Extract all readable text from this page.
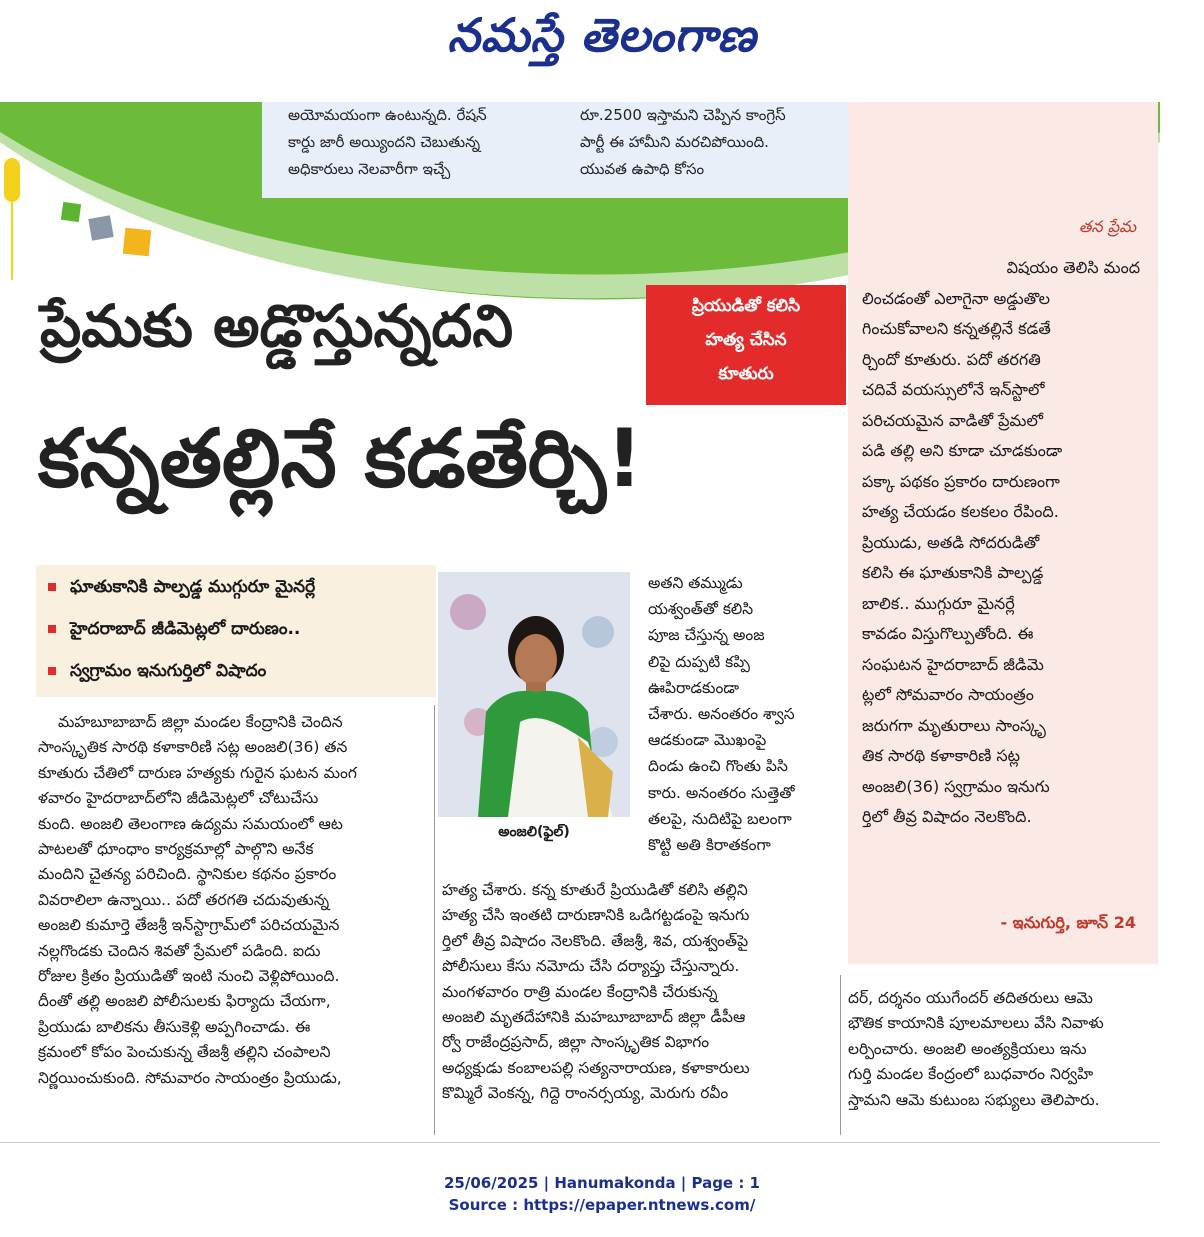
నమస్తే తెలంగాణ
అయోమయంగా ఉంటున్నది. రేషన్
కార్డు జారీ అయ్యిందని చెబుతున్న
అధికారులు నెలవారీగా ఇచ్చే
రూ.2500 ఇస్తామని చెప్పిన కాంగ్రెస్
పార్టీ ఈ హామీని మరచిపోయింది.
యువత ఉపాధి కోసం
ప్రేమకు అడ్డొస్తున్నదని
కన్నతల్లినే కడతేర్చి!
ప్రియుడితో కలిసి
హత్య చేసిన
కూతురు
ఘాతుకానికి పాల్పడ్డ ముగ్గురూ మైనర్లే
హైదరాబాద్ జీడిమెట్లలో దారుణం..
స్వగ్రామం ఇనుగుర్తిలో విషాదం
అంజలి(ఫైల్)

మహబూబాబాద్ జిల్లా మండల కేంద్రానికి చెందిన

సాంస్కృతిక సారథి కళాకారిణి సట్ల అంజలి(36) తన

కూతురు చేతిలో దారుణ హత్యకు గురైన ఘటన మంగ

ళవారం హైదరాబాద్‌లోని జీడిమెట్లలో చోటుచేసు

కుంది. అంజలి తెలంగాణ ఉద్యమ సమయంలో ఆట

పాటలతో ధూంధాం కార్యక్రమాల్లో పాల్గొని అనేక

మందిని చైతన్య పరిచింది. స్థానికుల కథనం ప్రకారం

వివరాలిలా ఉన్నాయి.. పదో తరగతి చదువుతున్న

అంజలి కుమార్తె తేజశ్రీ ఇన్‌స్టాగ్రామ్‌లో పరిచయమైన

నల్లగొండకు చెందిన శివతో ప్రేమలో పడింది. ఐదు

రోజుల క్రితం ప్రియుడితో ఇంటి నుంచి వెళ్లిపోయింది.

దీంతో తల్లి అంజలి పోలీసులకు ఫిర్యాదు చేయగా,

ప్రియుడు బాలికను తీసుకెళ్లి అప్పగించాడు. ఈ

క్రమంలో కోపం పెంచుకున్న తేజశ్రీ తల్లిని చంపాలని

నిర్ణయించుకుంది. సోమవారం సాయంత్రం ప్రియుడు,

అతని తమ్ముడు

యశ్వంత్‌తో కలిసి

పూజ చేస్తున్న అంజ

లిపై దుప్పటి కప్పి

ఊపిరాడకుండా

చేశారు. అనంతరం శ్వాస

ఆడకుండా మొఖంపై

దిండు ఉంచి గొంతు పిసి

కారు. అనంతరం సుత్తెతో

తలపై, నుదిటిపై బలంగా

కొట్టి అతి కిరాతకంగా

హత్య చేశారు. కన్న కూతురే ప్రియుడితో కలిసి తల్లిని

హత్య చేసి ఇంతటి దారుణానికి ఒడిగట్టడంపై ఇనుగు

ర్తిలో తీవ్ర విషాదం నెలకొంది. తేజశ్రీ, శివ, యశ్వంత్‌పై

పోలీసులు కేసు నమోదు చేసి దర్యాప్తు చేస్తున్నారు.

మంగళవారం రాత్రి మండల కేంద్రానికి చేరుకున్న

అంజలి మృతదేహానికి మహబూబాబాద్ జిల్లా డీపీఆ

ర్వో రాజేంద్రప్రసాద్, జిల్లా సాంస్కృతిక విభాగం

అధ్యక్షుడు కంబాలపల్లి సత్యనారాయణ, కళాకారులు

కొమ్మిరే వెంకన్న, గిద్దె రాంనర్సయ్య, మెరుగు రవీం

దర్, దర్శనం యుగేందర్ తదితరులు ఆమె

భౌతిక కాయానికి పూలమాలలు వేసి నివాళు

లర్పించారు. అంజలి అంత్యక్రియలు ఇను

గుర్తి మండల కేంద్రంలో బుధవారం నిర్వహి

స్తామని ఆమె కుటుంబ సభ్యులు తెలిపారు.

తన ప్రేమ

విషయం తెలిసి మంద

లించడంతో ఎలాగైనా అడ్డుతొల

గించుకోవాలని కన్నతల్లినే కడతే

ర్చిందో కూతురు. పదో తరగతి

చదివే వయస్సులోనే ఇన్‌స్టాలో

పరిచయమైన వాడితో ప్రేమలో

పడి తల్లి అని కూడా చూడకుండా

పక్కా పథకం ప్రకారం దారుణంగా

హత్య చేయడం కలకలం రేపింది.

ప్రియుడు, అతడి సోదరుడితో

కలిసి ఈ ఘాతుకానికి పాల్పడ్డ

బాలిక.. ముగ్గురూ మైనర్లే

కావడం విస్తుగొల్పుతోంది. ఈ

సంఘటన హైదరాబాద్ జీడిమె

ట్లలో సోమవారం సాయంత్రం

జరుగగా మృతురాలు సాంస్కృ

తిక సారథి కళాకారిణి సట్ల

అంజలి(36) స్వగ్రామం ఇనుగు

ర్తిలో తీవ్ర విషాదం నెలకొంది.

- ఇనుగుర్తి, జూన్ 24
25/06/2025 | Hanumakonda | Page : 1
Source : https://epaper.ntnews.com/
